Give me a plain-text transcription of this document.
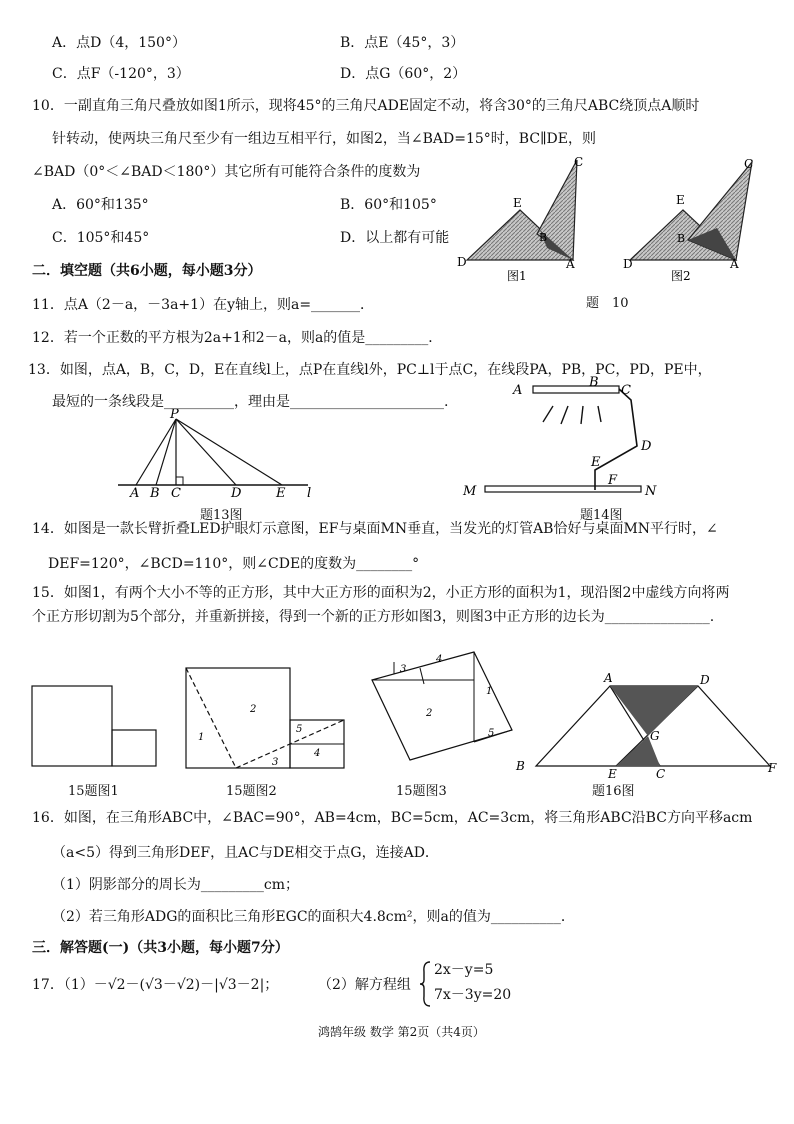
A．点D（4，150°）	B．点E（45°，3）
C．点F（-120°，3）	D．点G（60°，2）
10．一副直角三角尺叠放如图1所示，现将45°的三角尺ADE固定不动，将含30°的三角尺ABC绕顶点A顺时
针转动，使两块三角尺至少有一组边互相平行，如图2，当∠BAD=15°时，BC∥DE，则
∠BAD（0°＜∠BAD＜180°）其它所有可能符合条件的度数为
A．60°和135°	B．60°和105°
C．105°和45°	D．以上都有可能
C
E
B
D	A
图1
C
E
B
D	A
图2
题　10
二．填空题（共6小题，每小题3分）
11．点A（2－a，－3a+1）在y轴上，则a=_______．
12．若一个正数的平方根为2a+1和2－a，则a的值是_________．
13．如图，点A，B，C，D，E在直线l上，点P在直线l外，PC⊥l于点C，在线段PA，PB，PC，PD，PE中，
最短的一条线段是__________，理由是______________________.
P
A B C	D	E l
题13图
A
B
C
D
E
F
M	N
题14图
14．如图是一款长臂折叠LED护眼灯示意图，EF与桌面MN垂直，当发光的灯管AB恰好与桌面MN平行时，∠
DEF=120°，∠BCD=110°，则∠CDE的度数为________°
15．如图1，有两个大小不等的正方形，其中大正方形的面积为2，小正方形的面积为1，现沿图2中虚线方向将两
个正方形切割为5个部分，并重新拼接，得到一个新的正方形如图3，则图3中正方形的边长为_______________.
2
1
5
4
3
3
4
2
1
5
15题图1	15题图2	15题图3
A	D
G
B
E	C	F
题16图
16．如图，在三角形ABC中，∠BAC=90°，AB=4cm，BC=5cm，AC=3cm，将三角形ABC沿BC方向平移acm
（a<5）得到三角形DEF，且AC与DE相交于点G，连接AD．
（1）阴影部分的周长为_________cm；
（2）若三角形ADG的面积比三角形EGC的面积大4.8cm²，则a的值为__________．
三．解答题(一)（共3小题，每小题7分）
17．（1）－√2－(√3－√2)－|√3－2|；	（2）解方程组
2x－y=5
7x－3y=20
鸿鹄年级 数学 第2页（共4页）
